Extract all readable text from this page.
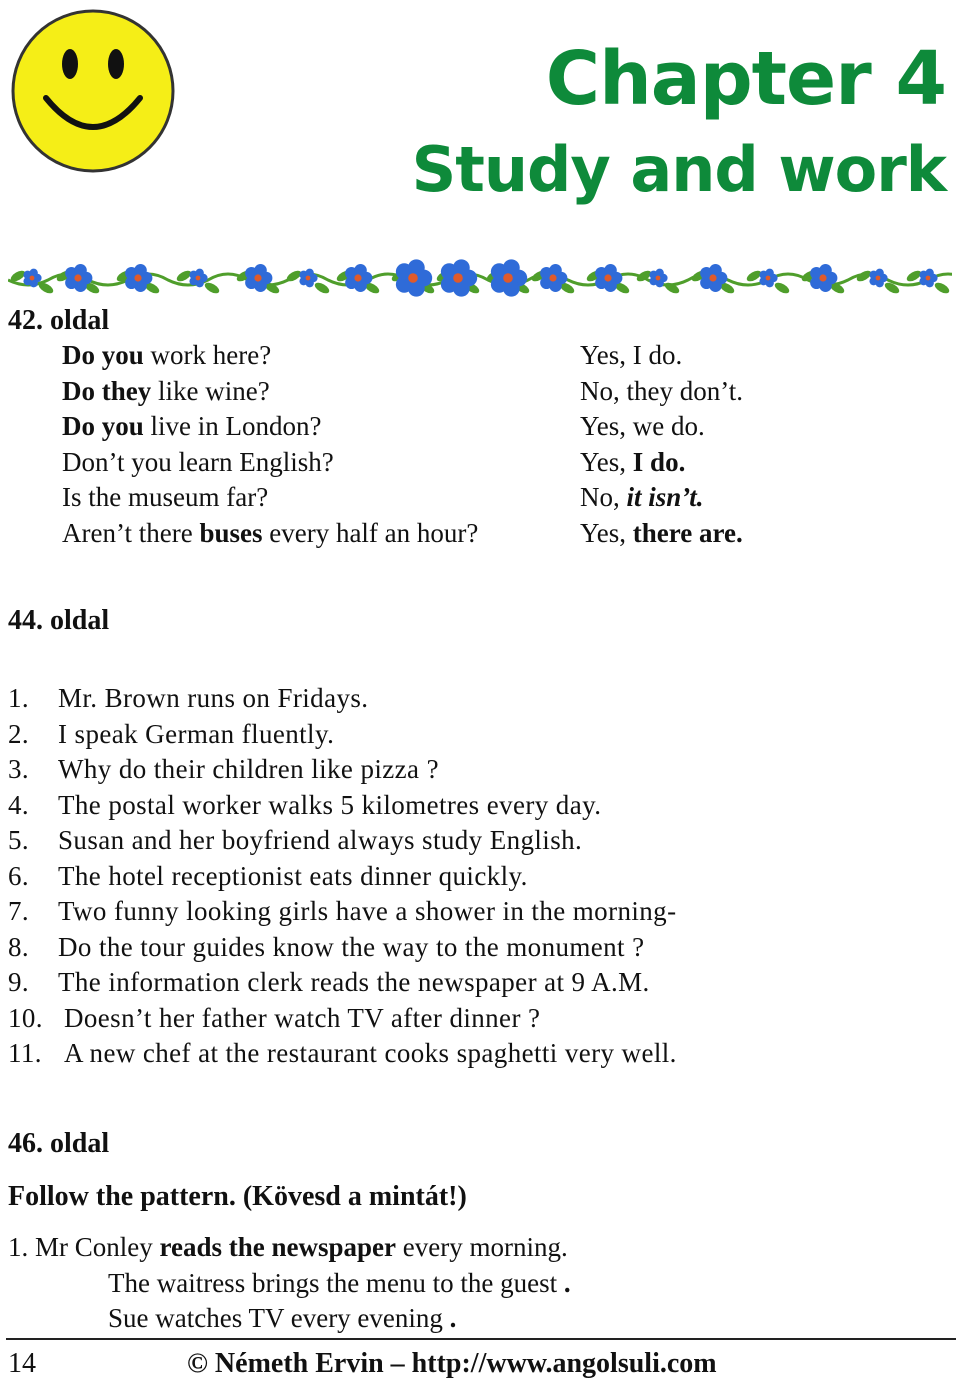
Chapter 4
Study and work
42. oldal
Do you work here?	Yes, I do.
Do they like wine?	No, they don’t.
Do you live in London?	Yes, we do.
Don’t you learn English?	Yes, I do.
Is the museum far?	No, it isn’t.
Aren’t there buses every half an hour?	Yes, there are.
44. oldal
1. Mr. Brown runs on Fridays.
2. I speak German fluently.
3. Why do their children like pizza ?
4. The postal worker walks 5 kilometres every day.
5. Susan and her boyfriend always study English.
6. The hotel receptionist eats dinner quickly.
7. Two funny looking girls have a shower in the morning-
8. Do the tour guides know the way to the monument ?
9. The information clerk reads the newspaper at 9 A.M.
10. Doesn’t her father watch TV after dinner ?
11. A new chef at the restaurant cooks spaghetti very well.
46. oldal
Follow the pattern. (Kövesd a mintát!)
1. Mr Conley reads the newspaper every morning.
The waitress brings the menu to the guest .
Sue watches TV every evening .
14	© Németh Ervin – http://www.angolsuli.com
